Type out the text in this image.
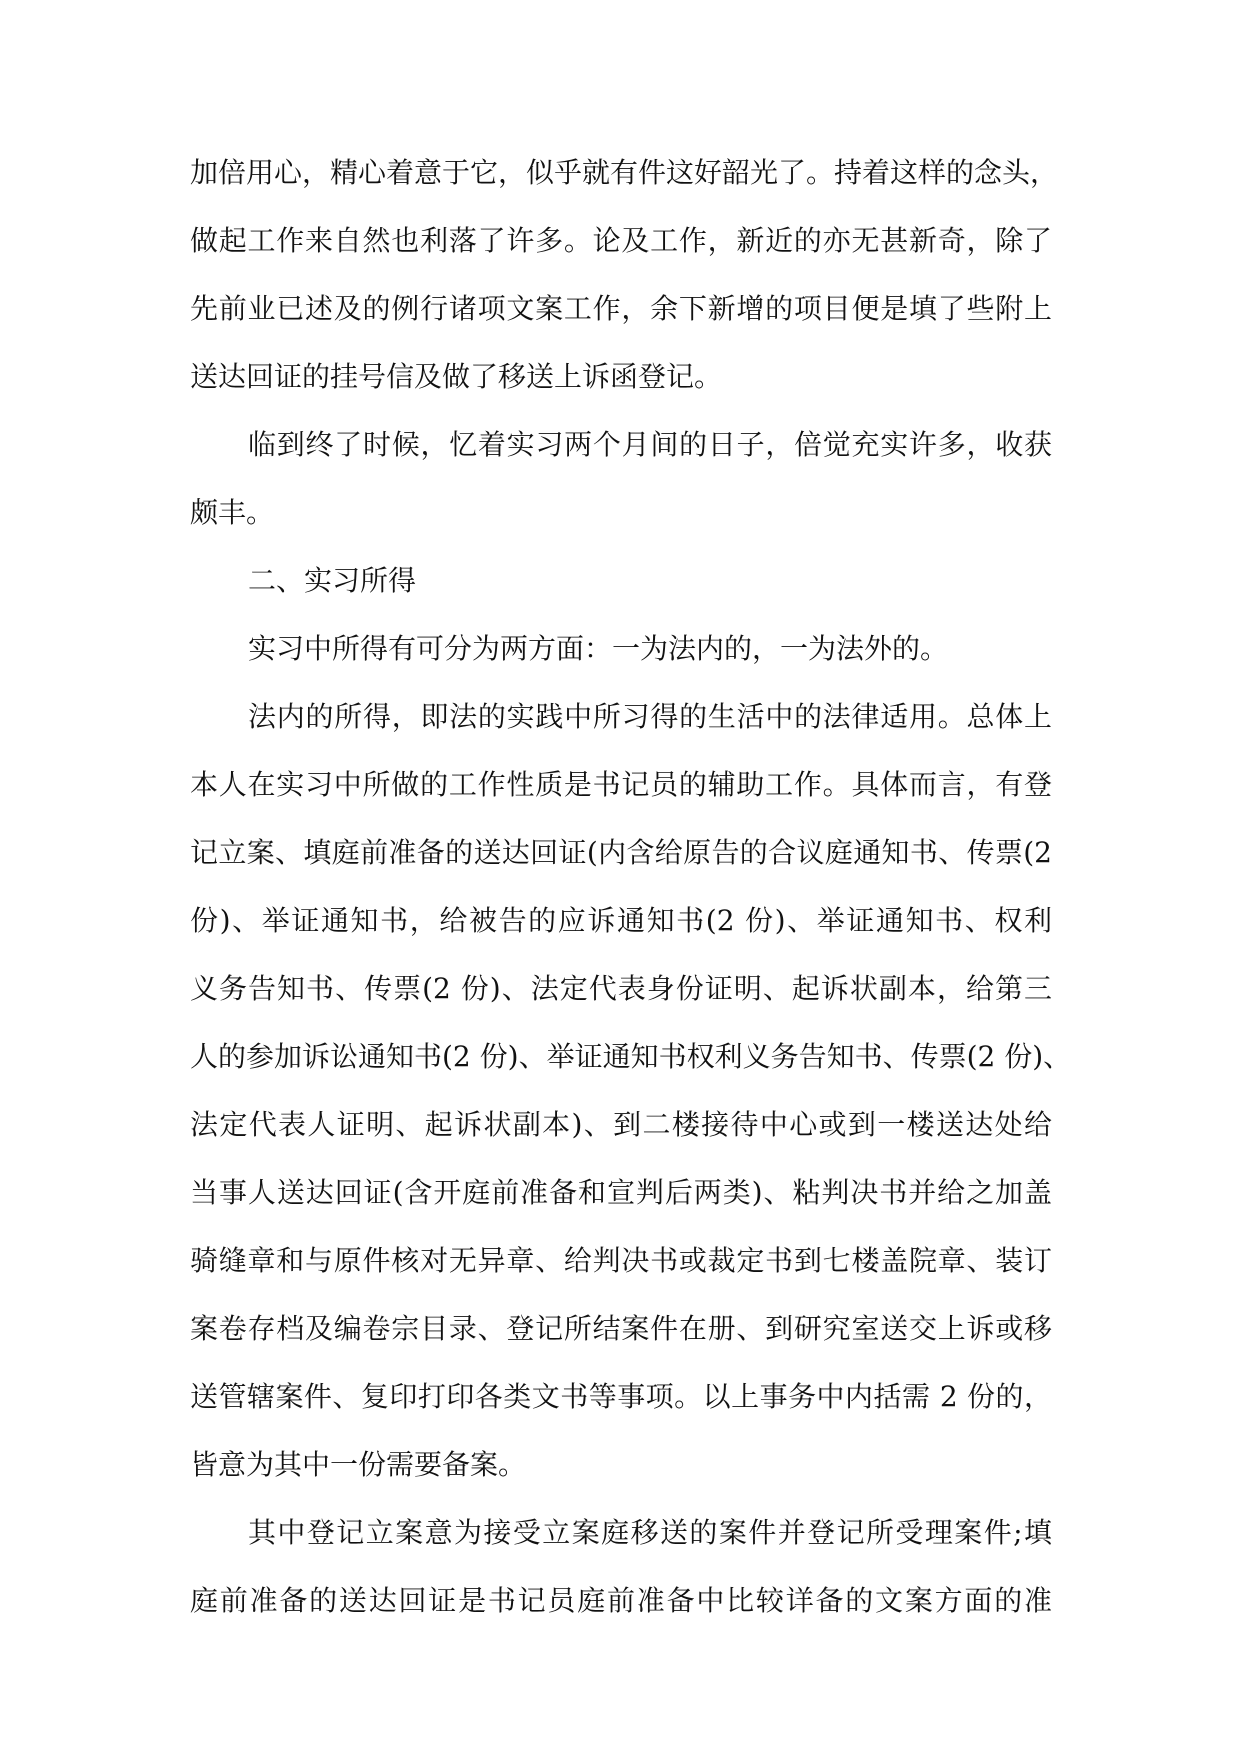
加倍用心，精心着意于它，似乎就有件这好韶光了。持着这样的念头，
做起工作来自然也利落了许多。论及工作，新近的亦无甚新奇，除了
先前业已述及的例行诸项文案工作，余下新增的项目便是填了些附上
送达回证的挂号信及做了移送上诉函登记。
临到终了时候，忆着实习两个月间的日子，倍觉充实许多，收获
颇丰。
二、实习所得
实习中所得有可分为两方面：一为法内的，一为法外的。
法内的所得，即法的实践中所习得的生活中的法律适用。总体上
本人在实习中所做的工作性质是书记员的辅助工作。具体而言，有登
记立案、填庭前准备的送达回证(内含给原告的合议庭通知书、传票(2
份)、举证通知书，给被告的应诉通知书(2 份)、举证通知书、权利
义务告知书、传票(2 份)、法定代表身份证明、起诉状副本，给第三
人的参加诉讼通知书(2 份)、举证通知书权利义务告知书、传票(2 份)、
法定代表人证明、起诉状副本)、到二楼接待中心或到一楼送达处给
当事人送达回证(含开庭前准备和宣判后两类)、粘判决书并给之加盖
骑缝章和与原件核对无异章、给判决书或裁定书到七楼盖院章、装订
案卷存档及编卷宗目录、登记所结案件在册、到研究室送交上诉或移
送管辖案件、复印打印各类文书等事项。以上事务中内括需 2 份的，
皆意为其中一份需要备案。
其中登记立案意为接受立案庭移送的案件并登记所受理案件;填
庭前准备的送达回证是书记员庭前准备中比较详备的文案方面的准
